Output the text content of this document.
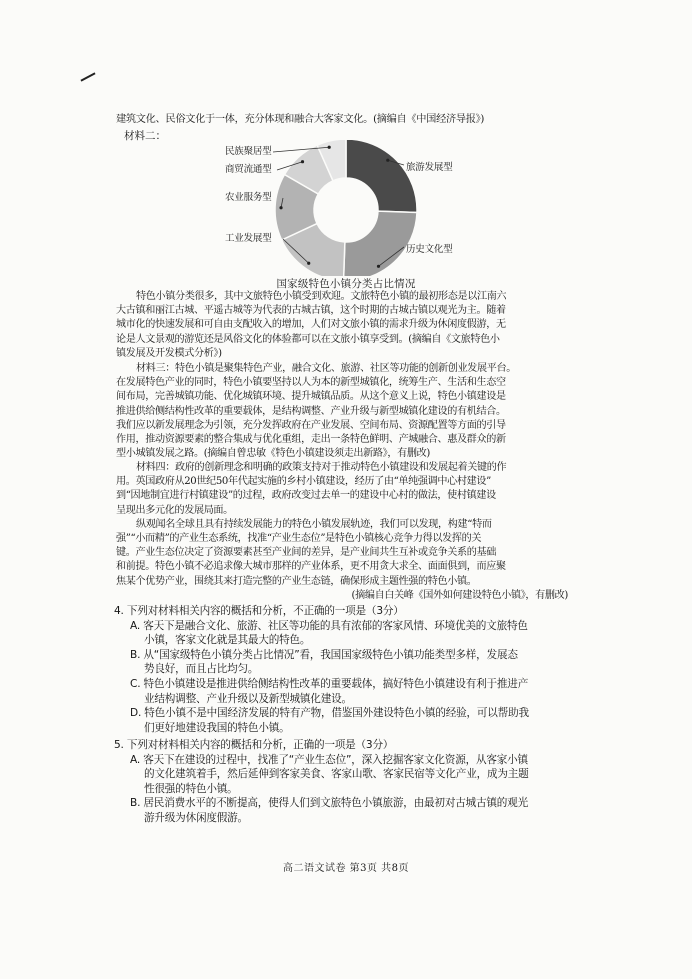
建筑文化、民俗文化于一体，充分体现和融合大客家文化。(摘编自《中国经济导报》)
材料二：
民族聚居型
商贸流通型
农业服务型
工业发展型
旅游发展型
历史文化型
国家级特色小镇分类占比情况
特色小镇分类很多，其中文旅特色小镇受到欢迎。文旅特色小镇的最初形态是以江南六
大古镇和丽江古城、平遥古城等为代表的古城古镇，这个时期的古城古镇以观光为主。随着
城市化的快速发展和可自由支配收入的增加，人们对文旅小镇的需求升级为休闲度假游，无
论是人文景观的游览还是风俗文化的体验都可以在文旅小镇享受到。(摘编自《文旅特色小
镇发展及开发模式分析》)
材料三：特色小镇是聚集特色产业，融合文化、旅游、社区等功能的创新创业发展平台。
在发展特色产业的同时，特色小镇要坚持以人为本的新型城镇化，统筹生产、生活和生态空
间布局，完善城镇功能、优化城镇环境、提升城镇品质。从这个意义上说，特色小镇建设是
推进供给侧结构性改革的重要载体，是结构调整、产业升级与新型城镇化建设的有机结合。
我们应以新发展理念为引领，充分发挥政府在产业发展、空间布局、资源配置等方面的引导
作用，推动资源要素的整合集成与优化重组，走出一条特色鲜明、产城融合、惠及群众的新
型小城镇发展之路。(摘编自曾忠敏《特色小镇建设须走出新路》，有删改)
材料四：政府的创新理念和明确的政策支持对于推动特色小镇建设和发展起着关键的作
用。英国政府从20世纪50年代起实施的乡村小镇建设，经历了由“单纯强调中心村建设”
到“因地制宜进行村镇建设”的过程，政府改变过去单一的建设中心村的做法，使村镇建设
呈现出多元化的发展局面。
纵观闻名全球且具有持续发展能力的特色小镇发展轨迹，我们可以发现，构建“特而
强”“小而精”的产业生态系统，找准“产业生态位”是特色小镇核心竞争力得以发挥的关
键。产业生态位决定了资源要素甚至产业间的差异，是产业间共生互补或竞争关系的基础
和前提。特色小镇不必追求像大城市那样的产业体系，更不用贪大求全、面面俱到，而应聚
焦某个优势产业，围绕其来打造完整的产业生态链，确保形成主题性强的特色小镇。
(摘编自白关峰《国外如何建设特色小镇》，有删改)
4. 下列对材料相关内容的概括和分析，不正确的一项是（3分）
A. 客天下是融合文化、旅游、社区等功能的具有浓郁的客家风情、环境优美的文旅特色
小镇，客家文化就是其最大的特色。
B. 从“国家级特色小镇分类占比情况”看，我国国家级特色小镇功能类型多样，发展态
势良好，而且占比均匀。
C. 特色小镇建设是推进供给侧结构性改革的重要载体，搞好特色小镇建设有利于推进产
业结构调整、产业升级以及新型城镇化建设。
D. 特色小镇不是中国经济发展的特有产物，借鉴国外建设特色小镇的经验，可以帮助我
们更好地建设我国的特色小镇。
5. 下列对材料相关内容的概括和分析，正确的一项是（3分）
A. 客天下在建设的过程中，找准了“产业生态位”，深入挖掘客家文化资源，从客家小镇
的文化建筑着手，然后延伸到客家美食、客家山歌、客家民宿等文化产业，成为主题
性很强的特色小镇。
B. 居民消费水平的不断提高，使得人们到文旅特色小镇旅游，由最初对古城古镇的观光
游升级为休闲度假游。
高二语文试卷 第3页 共8页
